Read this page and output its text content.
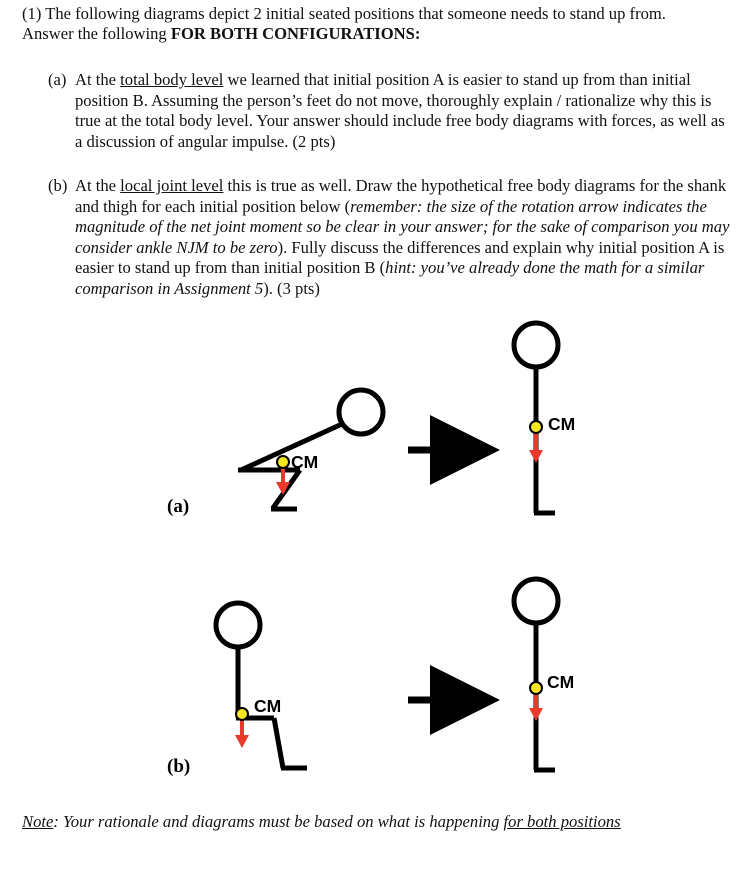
(1) The following diagrams depict 2 initial seated positions that someone needs to stand up from.
Answer the following FOR BOTH CONFIGURATIONS:
(a) At the total body level we learned that initial position A is easier to stand up from than initial position B. Assuming the person’s feet do not move, thoroughly explain / rationalize why this is true at the total body level. Your answer should include free body diagrams with forces, as well as a discussion of angular impulse. (2 pts)
(b) At the local joint level this is true as well. Draw the hypothetical free body diagrams for the shank and thigh for each initial position below (remember: the size of the rotation arrow indicates the magnitude of the net joint moment so be clear in your answer; for the sake of comparison you may consider ankle NJM to be zero). Fully discuss the differences and explain why initial position A is easier to stand up from than initial position B (hint: you’ve already done the math for a similar comparison in Assignment 5). (3 pts)
(a)
CM
CM
(b)
CM
CM
Note: Your rationale and diagrams must be based on what is happening for both positions
